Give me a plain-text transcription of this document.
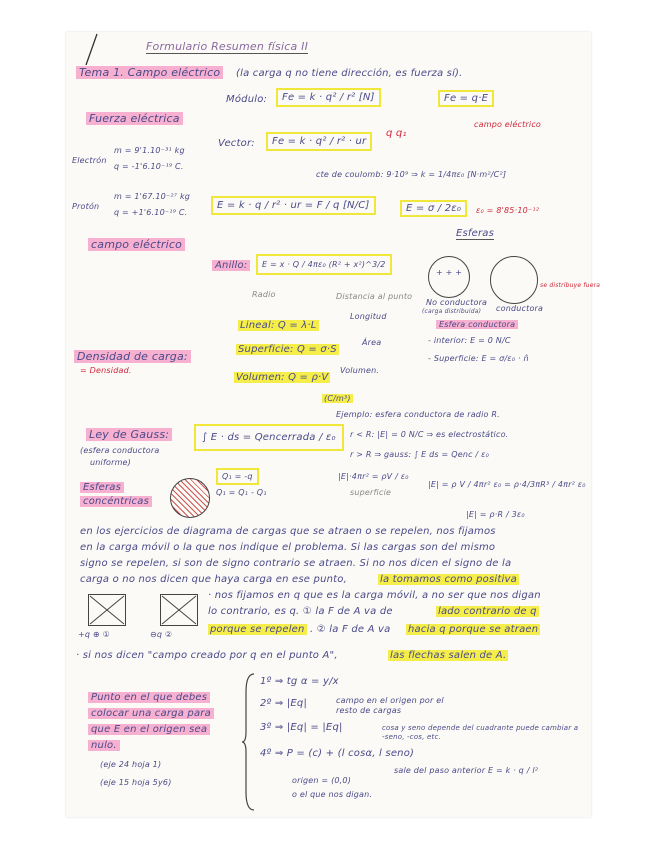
Formulario Resumen física II
Tema 1. Campo eléctrico	(la carga q no tiene dirección, es fuerza sí).
Fuerza eléctrica
Módulo:	Fe = k · q² / r² [N]	Fe = q·E
campo eléctrico
Vector:	Fe = k · q² / r² · ur
q q₁
cte de coulomb: 9·10⁹ ⇒ k = 1/4πε₀ [N·m²/C²]
Electrón
m = 9'1.10⁻³¹ kg
q = -1'6.10⁻¹⁹ C.
Protón
m = 1'67.10⁻²⁷ kg
q = +1'6.10⁻¹⁹ C.
E = k · q / r² · ur = F / q [N/C]	E = σ / 2ε₀	ε₀ = 8'85·10⁻¹²
campo eléctrico
Esferas
Anillo:	E = x · Q / 4πε₀ (R² + x²)^3/2
Radio	Distancia al punto
+ + +
No conductora
conductora
(carga distribuida)
se distribuye fuera
Esfera conductora
- interior: E = 0 N/C
- Superficie: E = σ/ε₀ · n̂
Densidad de carga:
= Densidad.
Lineal: Q = λ·L
Longitud
Superficie: Q = σ·S
Área
Volumen: Q = ρ·V
Volumen.
(C/m³)
Ley de Gauss:
(esfera conductora
uniforme)
∫ E · ds = Qencerrada / ε₀
Ejemplo: esfera conductora de radio R.
r < R: |E| = 0 N/C ⇒ es electrostático.
r > R ⇒ gauss: ∫ E ds = Qenc / ε₀
|E|·4πr² = ρV / ε₀
superficie
|E| = ρ V / 4πr² ε₀ = ρ·4/3πR³ / 4πr² ε₀
|E| = ρ·R / 3ε₀
Esferas
concéntricas
Q₁ = -q
Q₁ = Q₁ - Q₁
en los ejercicios de diagrama de cargas que se atraen o se repelen, nos fijamos
en la carga móvil o la que nos indique el problema. Si las cargas son del mismo
signo se repelen, si son de signo contrario se atraen. Si no nos dicen el signo de la
carga o no nos dicen que haya carga en ese punto,	la tomamos como positiva
+q ⊕ ①	⊖q ②
· nos fijamos en q que es la carga móvil, a no ser que nos digan
lo contrario, es q. ① la F de A va de	lado contrario de q
porque se repelen . ② la F de A va hacia q porque se atraen
· si nos dicen "campo creado por q en el punto A",	las flechas salen de A.
Punto en el que debes
colocar una carga para
que E en el origen sea
nulo.
(eje 24 hoja 1)
(eje 15 hoja 5y6)
1º ⇒ tg α = y/x
2º ⇒ |Eq|	campo en el origen por el resto de cargas
3º ⇒ |Eq| = |Eq|	cosa y seno depende del cuadrante puede cambiar a -seno, -cos, etc.
4º ⇒ P = (c) + (l cosα, l seno)
sale del paso anterior E = k · q / l²
origen = (0,0)
o el que nos digan.
